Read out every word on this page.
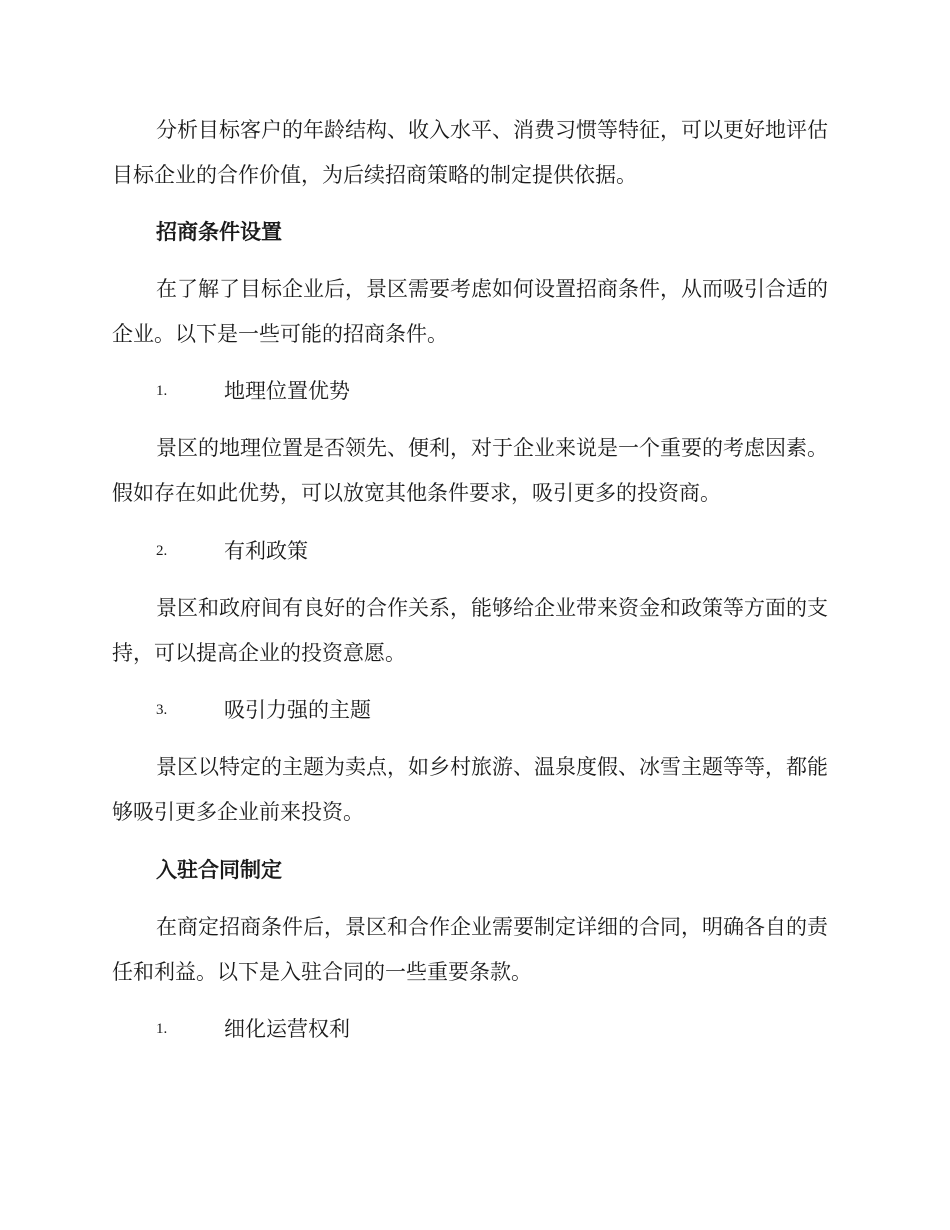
分析目标客户的年龄结构、收入水平、消费习惯等特征，可以更好地评估目标企业的合作价值，为后续招商策略的制定提供依据。

招商条件设置

在了解了目标企业后，景区需要考虑如何设置招商条件，从而吸引合适的企业。以下是一些可能的招商条件。

1.	地理位置优势

景区的地理位置是否领先、便利，对于企业来说是一个重要的考虑因素。假如存在如此优势，可以放宽其他条件要求，吸引更多的投资商。

2.	有利政策

景区和政府间有良好的合作关系，能够给企业带来资金和政策等方面的支持，可以提高企业的投资意愿。

3.	吸引力强的主题

景区以特定的主题为卖点，如乡村旅游、温泉度假、冰雪主题等等，都能够吸引更多企业前来投资。

入驻合同制定

在商定招商条件后，景区和合作企业需要制定详细的合同，明确各自的责任和利益。以下是入驻合同的一些重要条款。

1.	细化运营权利
